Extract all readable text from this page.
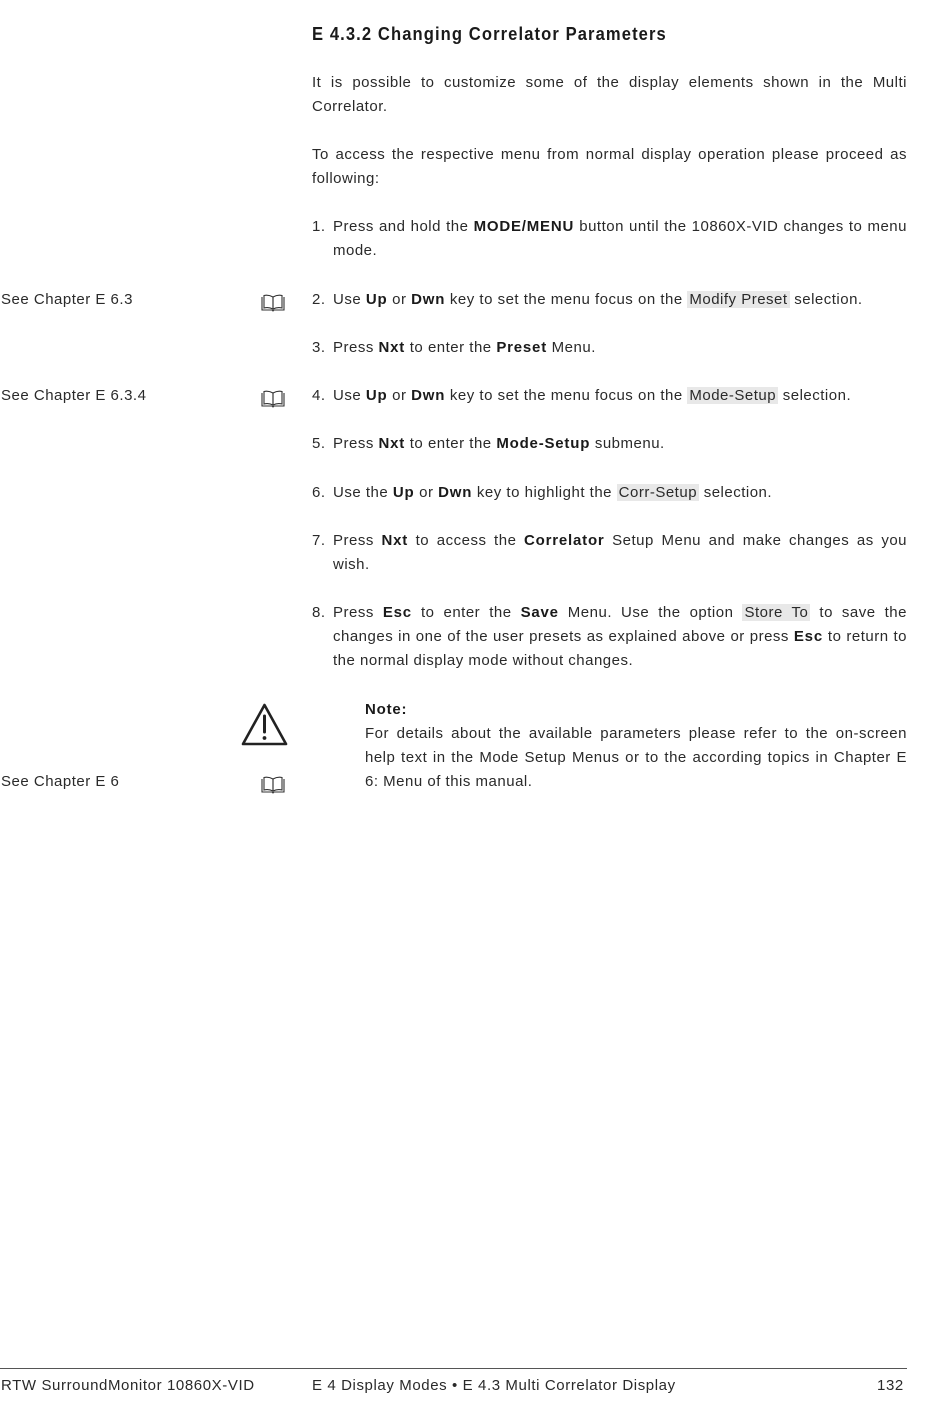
See Chapter E 6.3
See Chapter E 6.3.4
See Chapter E 6
E 4.3.2 Changing Correlator Parameters

It is possible to customize some of the display elements shown in the Multi Correlator.

To access the respective menu from normal display operation please proceed as following:

1. Press and hold the MODE/MENU button until the 10860X-VID changes to menu mode.
2. Use Up or Dwn key to set the menu focus on the Modify Preset selection.
3. Press Nxt to enter the Preset Menu.
4. Use Up or Dwn key to set the menu focus on the Mode-Setup selection.
5. Press Nxt to enter the Mode-Setup submenu.
6. Use the Up or Dwn key to highlight the Corr-Setup selection.
7. Press Nxt to access the Correlator Setup Menu and make changes as you wish.
8. Press Esc to enter the Save Menu. Use the option Store To to save the changes in one of the user presets as explained above or press Esc to return to the normal display mode without changes.
Note:
For details about the available parameters please refer to the on-screen help text in the Mode Setup Menus or to the according topics in Chapter E 6: Menu of this manual.
RTW SurroundMonitor 10860X-VID	E 4 Display Modes • E 4.3 Multi Correlator Display	132
